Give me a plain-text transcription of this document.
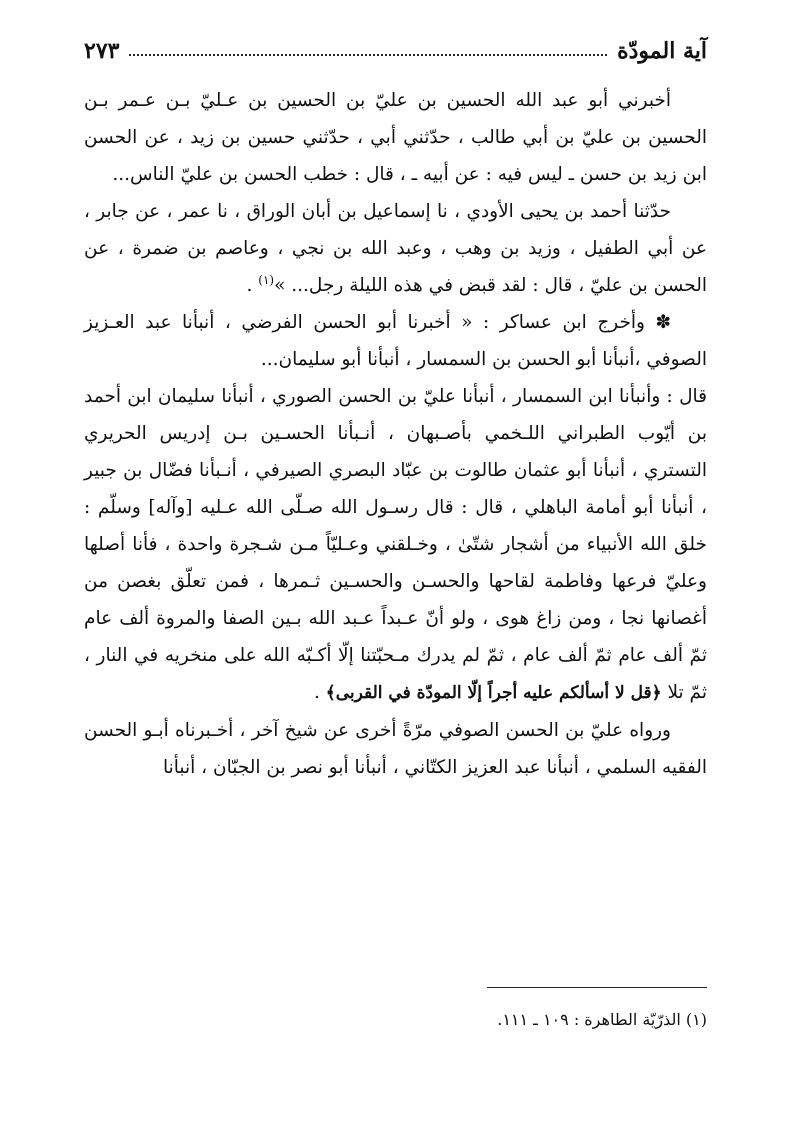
آية المودّة
٢٧٣

أخبرني أبو عبد الله الحسين بن عليّ بن الحسين بن عـليّ بـن عـمر بـن الحسين بن عليّ بن أبي طالب ، حدّثني أبي ، حدّثني حسين بن زيد ، عن الحسن ابن زيد بن حسن ـ ليس فيه : عن أبيه ـ ، قال : خطب الحسن بن عليّ الناس...

حدّثنا أحمد بن يحيى الأودي ، نا إسماعيل بن أبان الوراق ، نا عمر ، عن جابر ، عن أبي الطفيل ، وزيد بن وهب ، وعبد الله بن نجي ، وعاصم بن ضمرة ، عن الحسن بن عليّ ، قال : لقد قبض في هذه الليلة رجل... »$^{(١)}$ .

✽ وأخرج ابن عساكر : « أخبرنا أبو الحسن الفرضي ، أنبأنا عبد العـزيز الصوفي ،أنبأنا أبو الحسن بن السمسار ، أنبأنا أبو سليمان...

قال : وأنبأنا ابن السمسار ، أنبأنا عليّ بن الحسن الصوري ، أنبأنا سليمان ابن أحمد بن أيّوب الطبراني اللـخمي بأصـبهان ، أنـبأنا الحسـين بـن إدريس الحريري التستري ، أنبأنا أبو عثمان طالوت بن عبّاد البصري الصيرفي ، أنـبأنا فضّال بن جبير ، أنبأنا أبو أمامة الباهلي ، قال : قال رسـول الله صـلّى الله عـليه [وآله] وسلّم : خلق الله الأنبياء من أشجار شتّىٰ ، وخـلقني وعـليّاً مـن شـجرة واحدة ، فأنا أصلها وعليّ فرعها وفاطمة لقاحها والحسـن والحسـين ثـمرها ، فمن تعلّق بغصن من أغصانها نجا ، ومن زاغ هوى ، ولو أنّ عـبداً عـبد الله بـين الصفا والمروة ألف عام ثمّ ألف عام ثمّ ألف عام ، ثمّ لم يدرك مـحبّتنا إلّا أكـبّه الله على منخريه في النار ، ثمّ تلا ﴿قل لا أسألكم عليه أجراً إلّا المودّة في القربى﴾ .

ورواه عليّ بن الحسن الصوفي مرّةً أخرى عن شيخ آخر ، أخـبرناه أبـو الحسن الفقيه السلمي ، أنبأنا عبد العزيز الكتّاني ، أنبأنا أبو نصر بن الجبّان ، أنبأنا

(١) الذرّيّة الطاهرة : ١٠٩ ـ ١١١.
